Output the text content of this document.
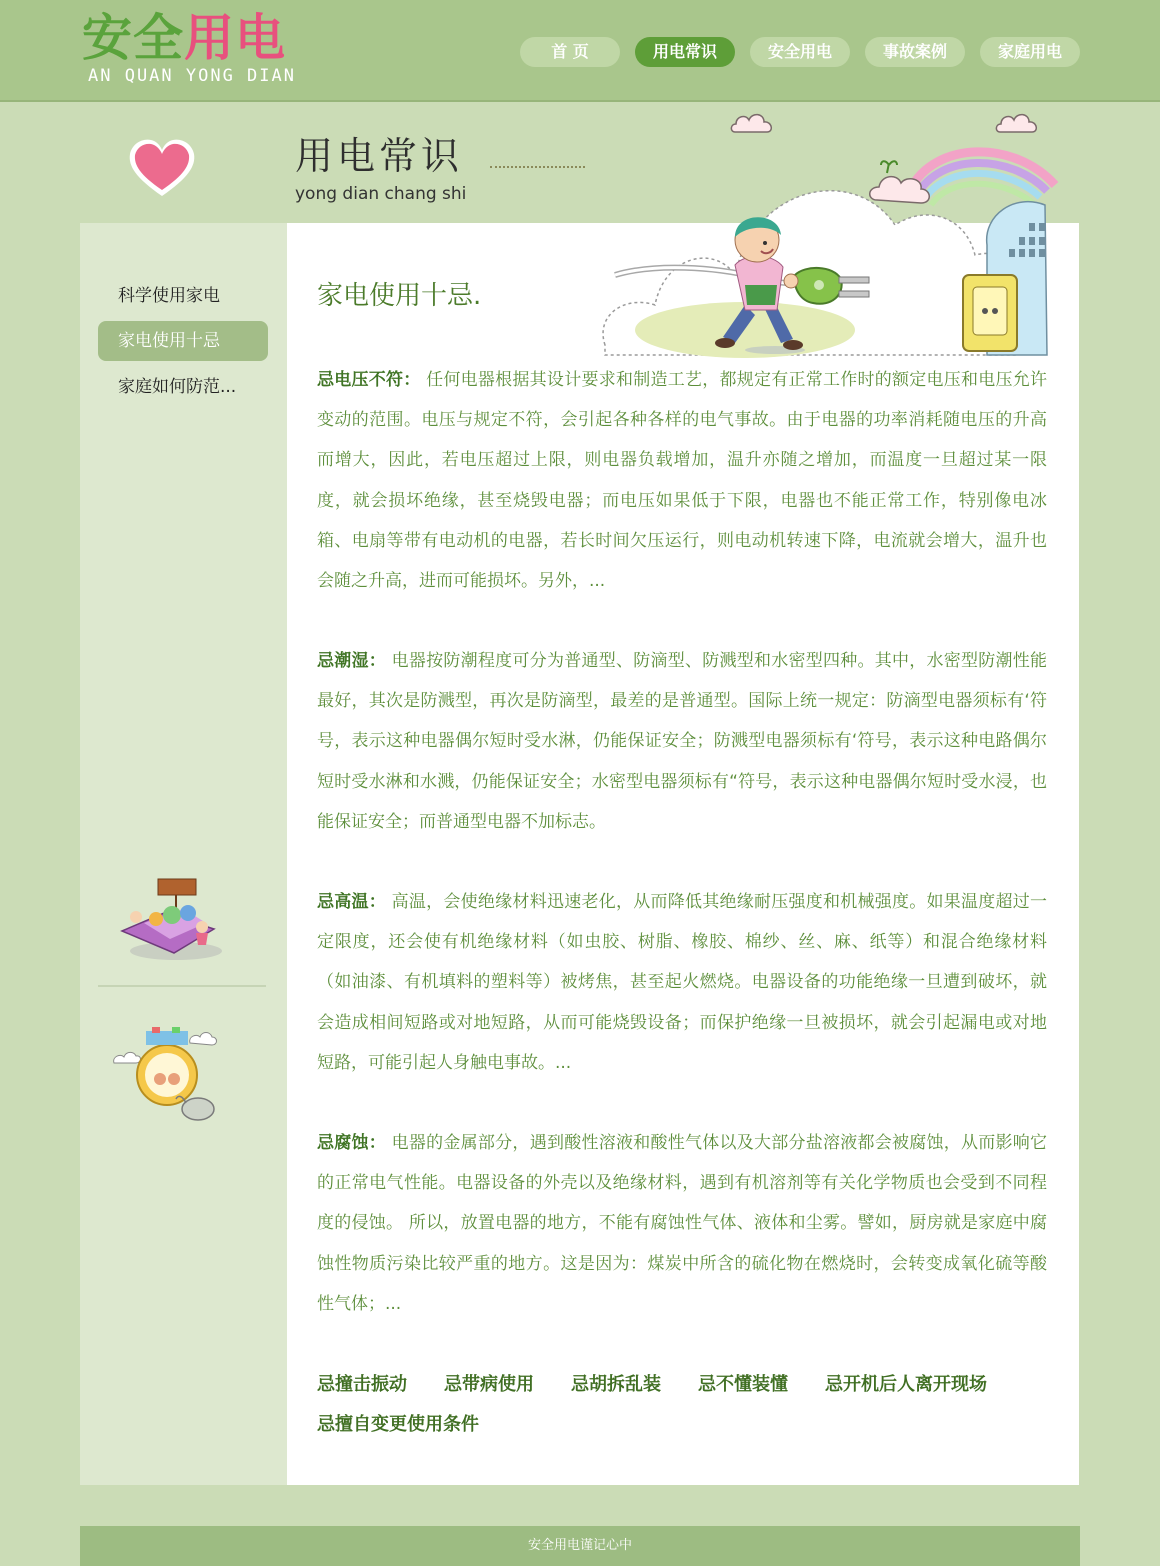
安全用电
AN QUAN YONG DIAN
首 页	用电常识	安全用电	事故案例	家庭用电
用电常识
yong dian chang shi
科学使用家电
家电使用十忌
家庭如何防范...
家电使用十忌.

忌电压不符： 任何电器根据其设计要求和制造工艺，都规定有正常工作时的额定电压和电压允许变动的范围。电压与规定不符，会引起各种各样的电气事故。由于电器的功率消耗随电压的升高而增大，因此，若电压超过上限，则电器负载增加，温升亦随之增加，而温度一旦超过某一限度，就会损坏绝缘，甚至烧毁电器；而电压如果低于下限，电器也不能正常工作，特别像电冰箱、电扇等带有电动机的电器，若长时间欠压运行，则电动机转速下降，电流就会增大，温升也会随之升高，进而可能损坏。另外，...

忌潮湿： 电器按防潮程度可分为普通型、防滴型、防溅型和水密型四种。其中，水密型防潮性能最好，其次是防溅型，再次是防滴型，最差的是普通型。国际上统一规定：防滴型电器须标有‘符号，表示这种电器偶尔短时受水淋，仍能保证安全；防溅型电器须标有‘符号，表示这种电路偶尔短时受水淋和水溅，仍能保证安全；水密型电器须标有“符号，表示这种电器偶尔短时受水浸，也能保证安全；而普通型电器不加标志。

忌高温： 高温，会使绝缘材料迅速老化，从而降低其绝缘耐压强度和机械强度。如果温度超过一定限度，还会使有机绝缘材料（如虫胶、树脂、橡胶、棉纱、丝、麻、纸等）和混合绝缘材料（如油漆、有机填料的塑料等）被烤焦，甚至起火燃烧。电器设备的功能绝缘一旦遭到破坏，就会造成相间短路或对地短路，从而可能烧毁设备；而保护绝缘一旦被损坏，就会引起漏电或对地短路，可能引起人身触电事故。...

忌腐蚀： 电器的金属部分，遇到酸性溶液和酸性气体以及大部分盐溶液都会被腐蚀，从而影响它的正常电气性能。电器设备的外壳以及绝缘材料，遇到有机溶剂等有关化学物质也会受到不同程度的侵蚀。 所以，放置电器的地方，不能有腐蚀性气体、液体和尘雾。譬如，厨房就是家庭中腐蚀性物质污染比较严重的地方。这是因为：煤炭中所含的硫化物在燃烧时，会转变成氧化硫等酸性气体；...

忌撞击振动 忌带病使用 忌胡拆乱装 忌不懂装懂 忌开机后人离开现场
忌擅自变更使用条件
安全用电谨记心中
